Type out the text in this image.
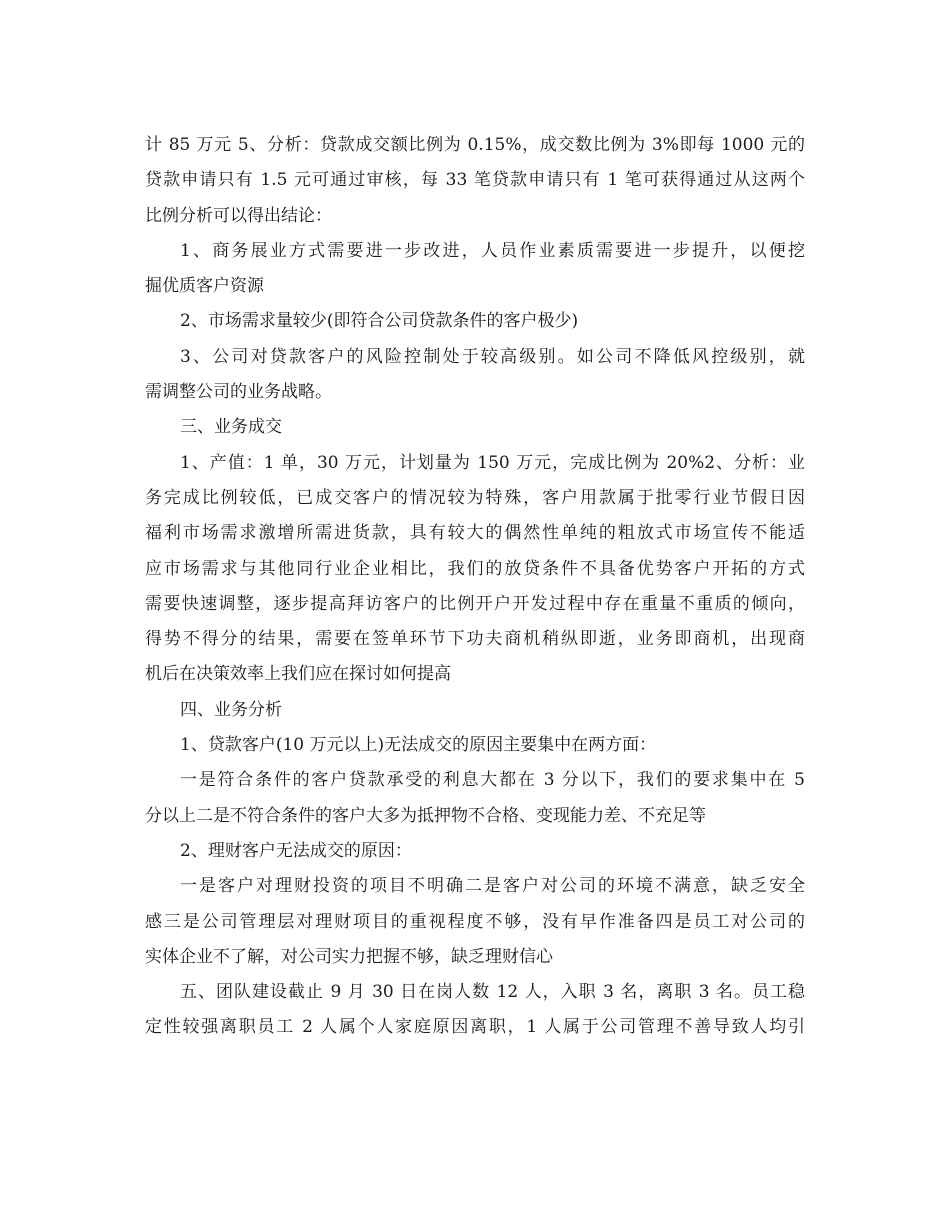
计 85 万元 5、分析：贷款成交额比例为 0.15%，成交数比例为 3%即每 1000 元的
贷款申请只有 1.5 元可通过审核，每 33 笔贷款申请只有 1 笔可获得通过从这两个
比例分析可以得出结论：
1、商务展业方式需要进一步改进，人员作业素质需要进一步提升，以便挖
掘优质客户资源
2、市场需求量较少(即符合公司贷款条件的客户极少)
3、公司对贷款客户的风险控制处于较高级别。如公司不降低风控级别，就
需调整公司的业务战略。
三、业务成交
1、产值：1 单，30 万元，计划量为 150 万元，完成比例为 20%2、分析：业
务完成比例较低，已成交客户的情况较为特殊，客户用款属于批零行业节假日因
福利市场需求激增所需进货款，具有较大的偶然性单纯的粗放式市场宣传不能适
应市场需求与其他同行业企业相比，我们的放贷条件不具备优势客户开拓的方式
需要快速调整，逐步提高拜访客户的比例开户开发过程中存在重量不重质的倾向，
得势不得分的结果，需要在签单环节下功夫商机稍纵即逝，业务即商机，出现商
机后在决策效率上我们应在探讨如何提高
四、业务分析
1、贷款客户(10 万元以上)无法成交的原因主要集中在两方面：
一是符合条件的客户贷款承受的利息大都在 3 分以下，我们的要求集中在 5
分以上二是不符合条件的客户大多为抵押物不合格、变现能力差、不充足等
2、理财客户无法成交的原因：
一是客户对理财投资的项目不明确二是客户对公司的环境不满意，缺乏安全
感三是公司管理层对理财项目的重视程度不够，没有早作准备四是员工对公司的
实体企业不了解，对公司实力把握不够，缺乏理财信心
五、团队建设截止 9 月 30 日在岗人数 12 人，入职 3 名，离职 3 名。员工稳
定性较强离职员工 2 人属个人家庭原因离职，1 人属于公司管理不善导致人均引
